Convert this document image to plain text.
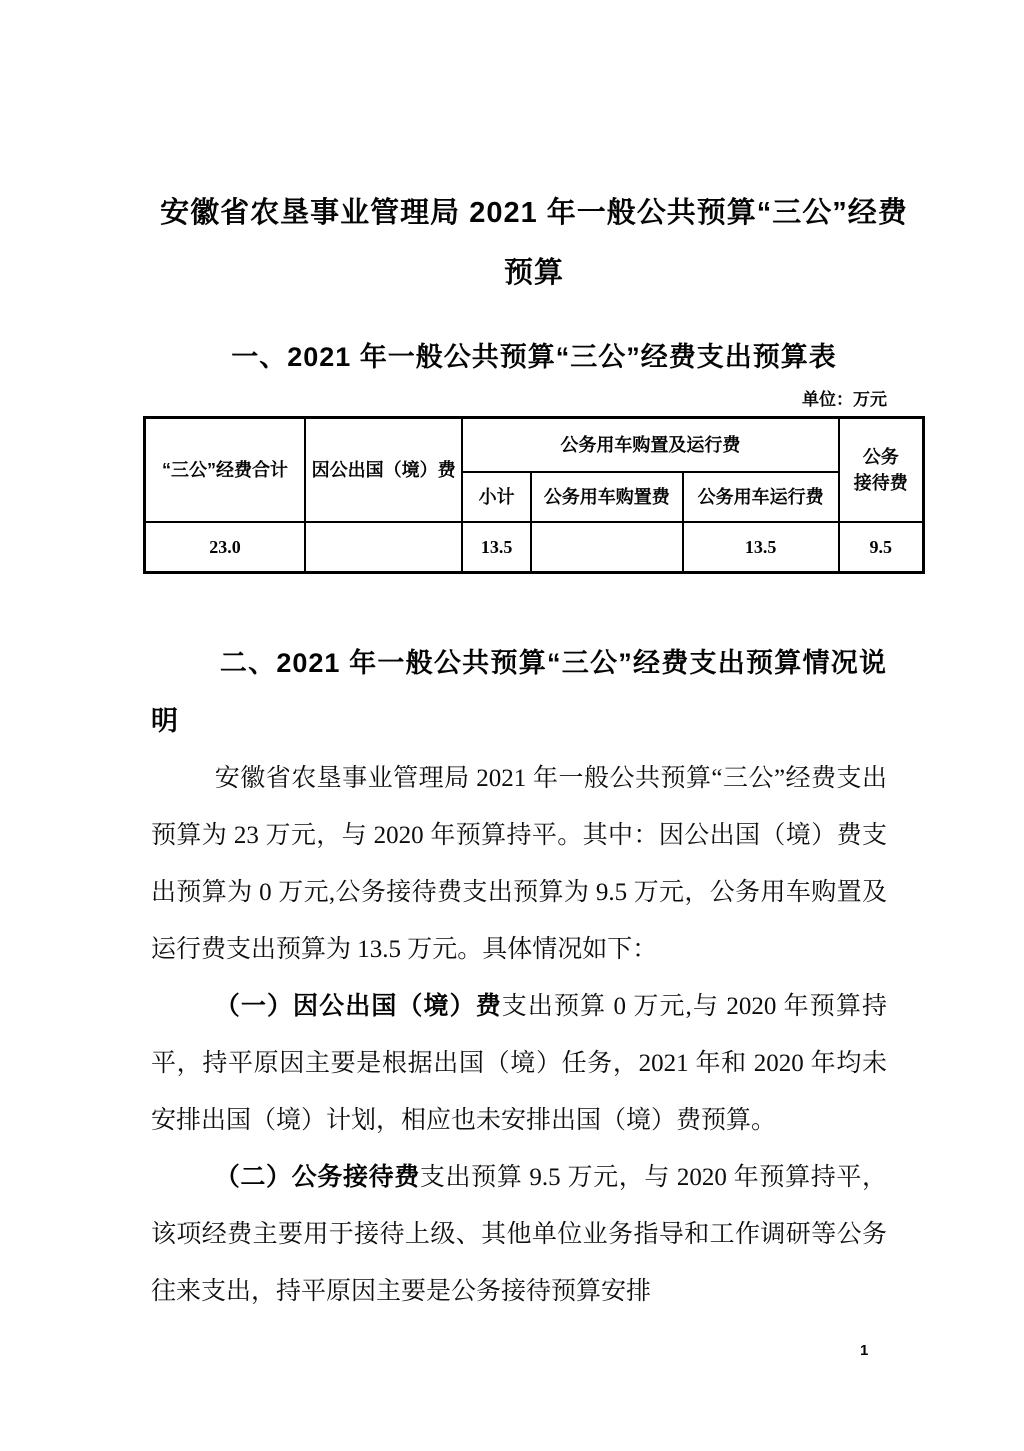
安徽省农垦事业管理局 2021 年一般公共预算“三公”经费
预算
一、2021 年一般公共预算“三公”经费支出预算表
单位：万元
“三公”经费合计	因公出国（境）费	公务用车购置及运行费			公务
接待费
		小计	公务用车购置费	公务用车运行费	
23.0		13.5		13.5	9.5
二、2021 年一般公共预算“三公”经费支出预算情况说明

安徽省农垦事业管理局 2021 年一般公共预算“三公”经费支出预算为 23 万元，与 2020 年预算持平。其中：因公出国（境）费支出预算为 0 万元,公务接待费支出预算为 9.5 万元，公务用车购置及运行费支出预算为 13.5 万元。具体情况如下：

（一）因公出国（境）费支出预算 0 万元,与 2020 年预算持平，持平原因主要是根据出国（境）任务，2021 年和 2020 年均未安排出国（境）计划，相应也未安排出国（境）费预算。

（二）公务接待费支出预算 9.5 万元，与 2020 年预算持平，该项经费主要用于接待上级、其他单位业务指导和工作调研等公务往来支出，持平原因主要是公务接待预算安排

1
